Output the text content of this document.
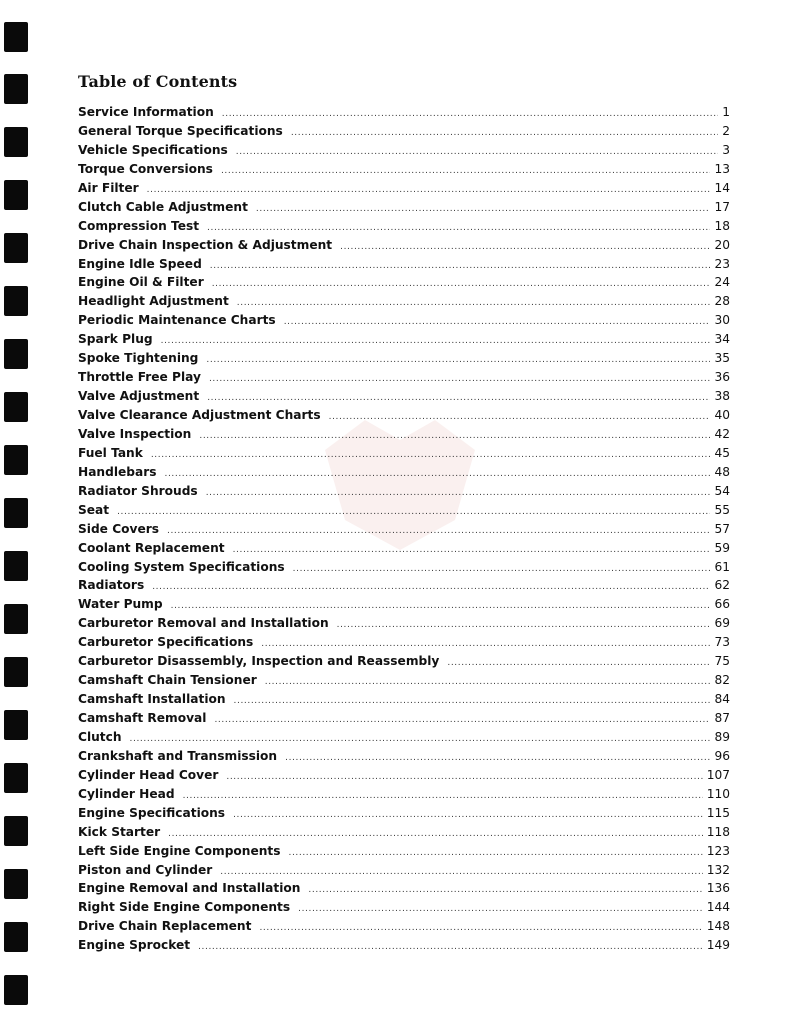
Table of Contents
Service Information .....	1
General Torque Specifications .....	2
Vehicle Specifications .....	3
Torque Conversions .....	13
Air Filter .....	14
Clutch Cable Adjustment .....	17
Compression Test .....	18
Drive Chain Inspection & Adjustment .....	20
Engine Idle Speed .....	23
Engine Oil & Filter .....	24
Headlight Adjustment .....	28
Periodic Maintenance Charts .....	30
Spark Plug .....	34
Spoke Tightening .....	35
Throttle Free Play .....	36
Valve Adjustment .....	38
Valve Clearance Adjustment Charts .....	40
Valve Inspection .....	42
Fuel Tank .....	45
Handlebars .....	48
Radiator Shrouds .....	54
Seat .....	55
Side Covers .....	57
Coolant Replacement .....	59
Cooling System Specifications .....	61
Radiators .....	62
Water Pump .....	66
Carburetor Removal and Installation .....	69
Carburetor Specifications .....	73
Carburetor Disassembly, Inspection and Reassembly .....	75
Camshaft Chain Tensioner .....	82
Camshaft Installation .....	84
Camshaft Removal .....	87
Clutch .....	89
Crankshaft and Transmission .....	96
Cylinder Head Cover .....	107
Cylinder Head .....	110
Engine Specifications .....	115
Kick Starter .....	118
Left Side Engine Components .....	123
Piston and Cylinder .....	132
Engine Removal and Installation .....	136
Right Side Engine Components .....	144
Drive Chain Replacement .....	148
Engine Sprocket .....	149
